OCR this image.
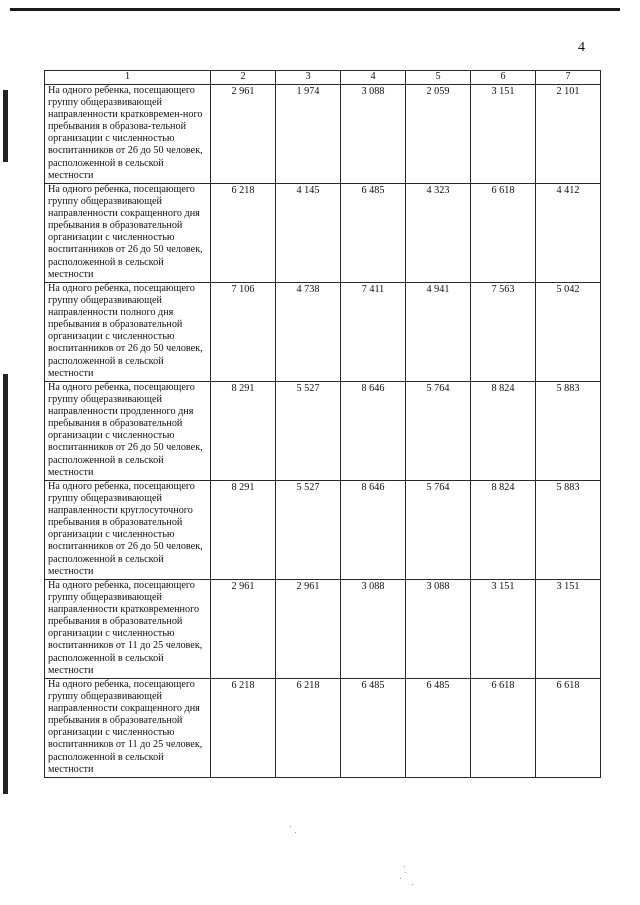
4
1	2	3	4	5	6	7
На одного ребенка, посещающего группу общеразвивающей направленности кратковремен-ного пребывания в образова-тельной организации с численностью воспитанников от 26 до 50 человек, расположенной в сельской местности	2 961	1 974	3 088	2 059	3 151	2 101
На одного ребенка, посещающего группу общеразвивающей направленности сокращенного дня пребывания в образовательной организации с численностью воспитанников от 26 до 50 человек, расположенной в сельской местности	6 218	4 145	6 485	4 323	6 618	4 412
На одного ребенка, посещающего группу общеразвивающей направленности полного дня пребывания в образовательной организации с численностью воспитанников от 26 до 50 человек, расположенной в сельской местности	7 106	4 738	7 411	4 941	7 563	5 042
На одного ребенка, посещающего группу общеразвивающей направленности продленного дня пребывания в образовательной организации с численностью воспитанников от 26 до 50 человек, расположенной в сельской местности	8 291	5 527	8 646	5 764	8 824	5 883
На одного ребенка, посещающего группу общеразвивающей направленности круглосуточного пребывания в образовательной организации с численностью воспитанников от 26 до 50 человек, расположенной в сельской местности	8 291	5 527	8 646	5 764	8 824	5 883
На одного ребенка, посещающего группу общеразвивающей направленности кратковременного пребывания в образовательной организации с численностью воспитанников от 11 до 25 человек, расположенной в сельской местности	2 961	2 961	3 088	3 088	3 151	3 151
На одного ребенка, посещающего группу общеразвивающей направленности сокращенного дня пребывания в образовательной организации с численностью воспитанников от 11 до 25 человек, расположенной в сельской местности	6 218	6 218	6 485	6 485	6 618	6 618
